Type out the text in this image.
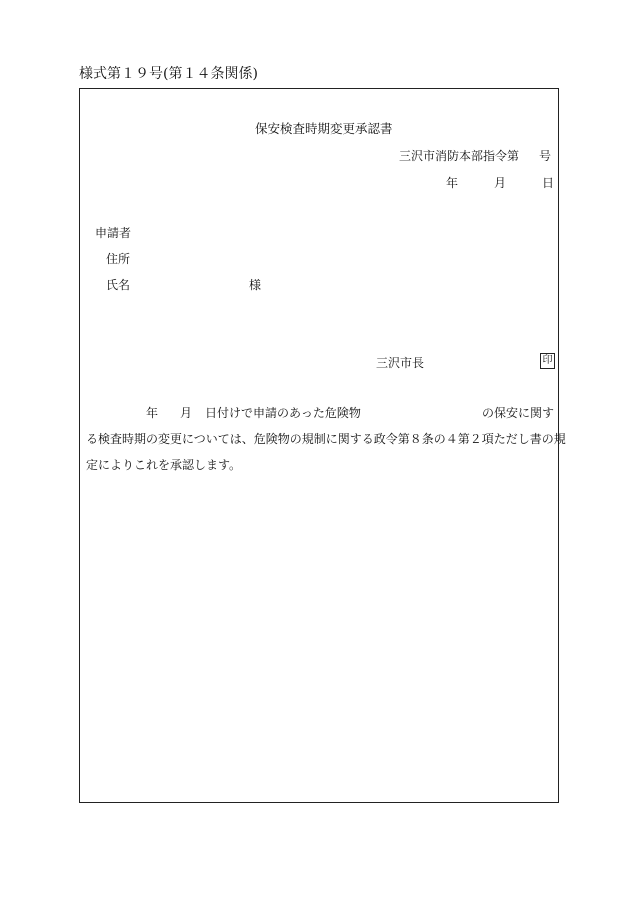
様式第１９号(第１４条関係)
保安検査時期変更承認書
三沢市消防本部指令第 号
年	月	日
申請者
住所
氏名	様
三沢市長	印
年 月 日付けで申請のあった危険物	の保安に関す
る検査時期の変更については、危険物の規制に関する政令第８条の４第２項ただし書の規
定によりこれを承認します。
